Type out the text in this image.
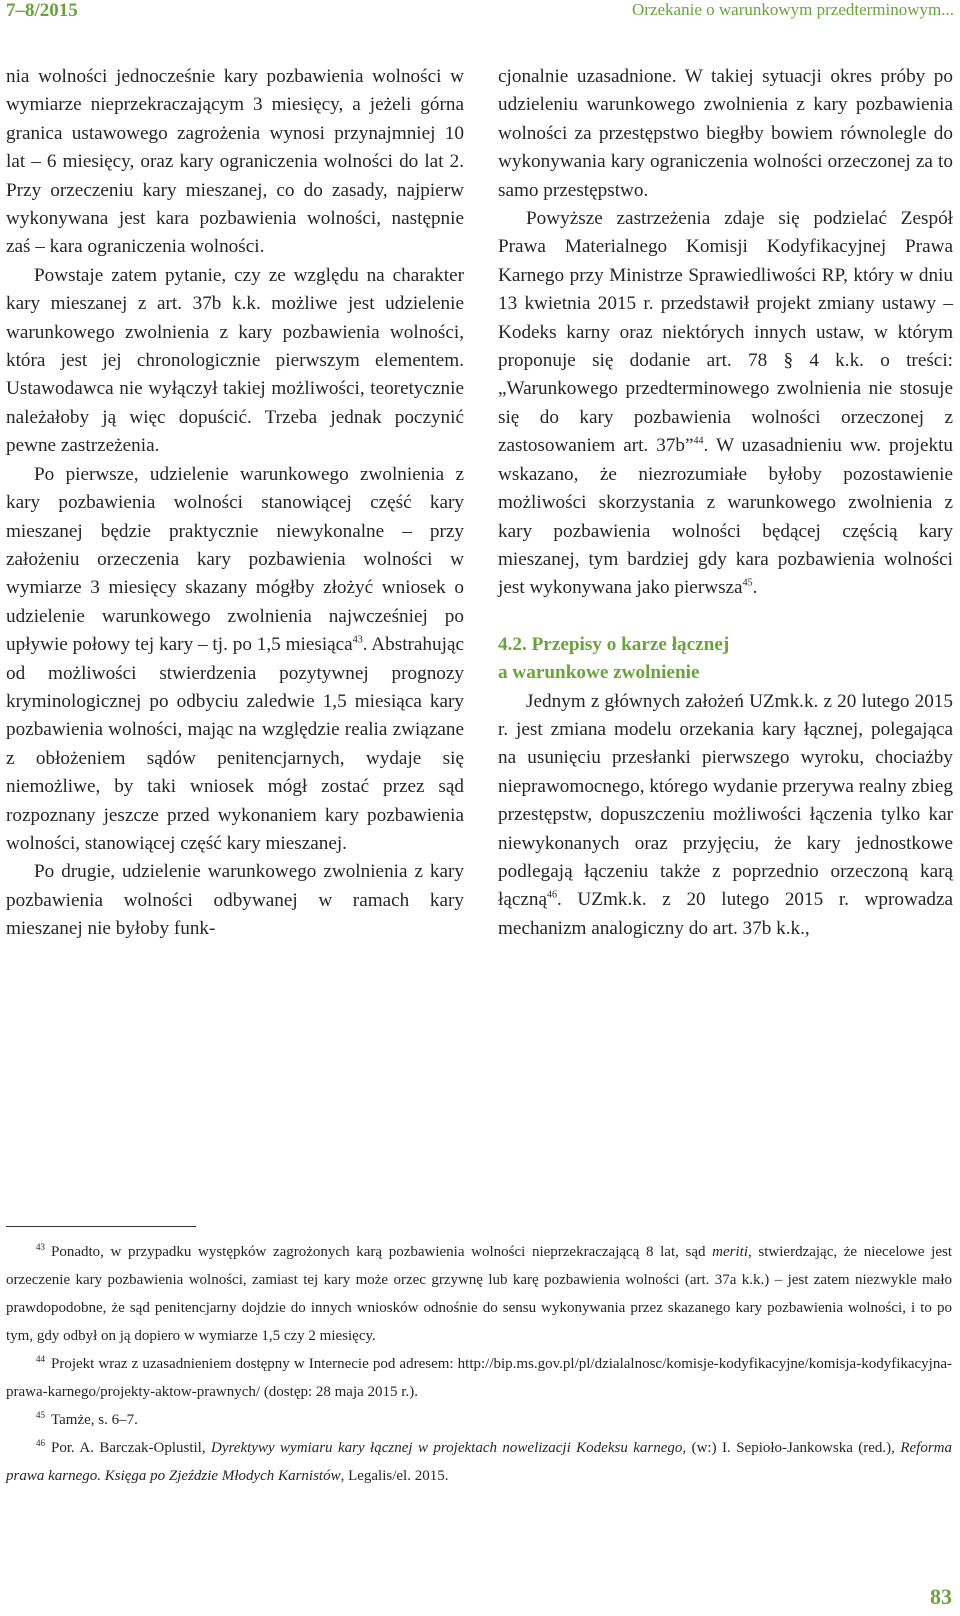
7–8/2015	Orzekanie o warunkowym przedterminowym...

nia wolności jednocześnie kary pozbawienia wolności w wymiarze nieprzekraczającym 3 miesięcy, a jeżeli górna granica ustawowego zagrożenia wynosi przynajmniej 10 lat – 6 miesięcy, oraz kary ograniczenia wolności do lat 2. Przy orzeczeniu kary mieszanej, co do zasady, najpierw wykonywana jest kara pozbawienia wolności, następnie zaś – kara ograniczenia wolności.

Powstaje zatem pytanie, czy ze względu na charakter kary mieszanej z art. 37b k.k. możliwe jest udzielenie warunkowego zwolnienia z kary pozbawienia wolności, która jest jej chronologicznie pierwszym elementem. Ustawodawca nie wyłączył takiej możliwości, teoretycznie należałoby ją więc dopuścić. Trzeba jednak poczynić pewne zastrzeżenia.

Po pierwsze, udzielenie warunkowego zwolnienia z kary pozbawienia wolności stanowiącej część kary mieszanej będzie praktycznie niewykonalne – przy założeniu orzeczenia kary pozbawienia wolności w wymiarze 3 miesięcy skazany mógłby złożyć wniosek o udzielenie warunkowego zwolnienia najwcześniej po upływie połowy tej kary – tj. po 1,5 miesiąca$^{43}$. Abstrahując od możliwości stwierdzenia pozytywnej prognozy kryminologicznej po odbyciu zaledwie 1,5 miesiąca kary pozbawienia wolności, mając na względzie realia związane z obłożeniem sądów penitencjarnych, wydaje się niemożliwe, by taki wniosek mógł zostać przez sąd rozpoznany jeszcze przed wykonaniem kary pozbawienia wolności, stanowiącej część kary mieszanej.

Po drugie, udzielenie warunkowego zwolnienia z kary pozbawienia wolności odbywanej w ramach kary mieszanej nie byłoby funk-

cjonalnie uzasadnione. W takiej sytuacji okres próby po udzieleniu warunkowego zwolnienia z kary pozbawienia wolności za przestępstwo biegłby bowiem równolegle do wykonywania kary ograniczenia wolności orzeczonej za to samo przestępstwo.

Powyższe zastrzeżenia zdaje się podzielać Zespół Prawa Materialnego Komisji Kodyfikacyjnej Prawa Karnego przy Ministrze Sprawiedliwości RP, który w dniu 13 kwietnia 2015 r. przedstawił projekt zmiany ustawy – Kodeks karny oraz niektórych innych ustaw, w którym proponuje się dodanie art. 78 § 4 k.k. o treści: „Warunkowego przedterminowego zwolnienia nie stosuje się do kary pozbawienia wolności orzeczonej z zastosowaniem art. 37b”$^{44}$. W uzasadnieniu ww. projektu wskazano, że niezrozumiałe byłoby pozostawienie możliwości skorzystania z warunkowego zwolnienia z kary pozbawienia wolności będącej częścią kary mieszanej, tym bardziej gdy kara pozbawienia wolności jest wykonywana jako pierwsza$^{45}$.

4.2. Przepisy o karze łącznej
a warunkowe zwolnienie

Jednym z głównych założeń UZmk.k. z 20 lutego 2015 r. jest zmiana modelu orzekania kary łącznej, polegająca na usunięciu przesłanki pierwszego wyroku, chociażby nieprawomocnego, którego wydanie przerywa realny zbieg przestępstw, dopuszczeniu możliwości łączenia tylko kar niewykonanych oraz przyjęciu, że kary jednostkowe podlegają łączeniu także z poprzednio orzeczoną karą łączną$^{46}$. UZmk.k. z 20 lutego 2015 r. wprowadza mechanizm analogiczny do art. 37b k.k.,

$^{43}$ Ponadto, w przypadku występków zagrożonych karą pozbawienia wolności nieprzekraczającą 8 lat, sąd meriti, stwierdzając, że niecelowe jest orzeczenie kary pozbawienia wolności, zamiast tej kary może orzec grzywnę lub karę pozbawienia wolności (art. 37a k.k.) – jest zatem niezwykle mało prawdopodobne, że sąd penitencjarny dojdzie do innych wniosków odnośnie do sensu wykonywania przez skazanego kary pozbawienia wolności, i to po tym, gdy odbył on ją dopiero w wymiarze 1,5 czy 2 miesięcy.

$^{44}$ Projekt wraz z uzasadnieniem dostępny w Internecie pod adresem: http://bip.ms.gov.pl/pl/dzialalnosc/komisje-kodyfikacyjne/komisja-kodyfikacyjna-prawa-karnego/projekty-aktow-prawnych/ (dostęp: 28 maja 2015 r.).

$^{45}$ Tamże, s. 6–7.

$^{46}$ Por. A. Barczak-Oplustil, Dyrektywy wymiaru kary łącznej w projektach nowelizacji Kodeksu karnego, (w:) I. Sepioło-Jankowska (red.), Reforma prawa karnego. Księga po Zjeździe Młodych Karnistów, Legalis/el. 2015.

83
